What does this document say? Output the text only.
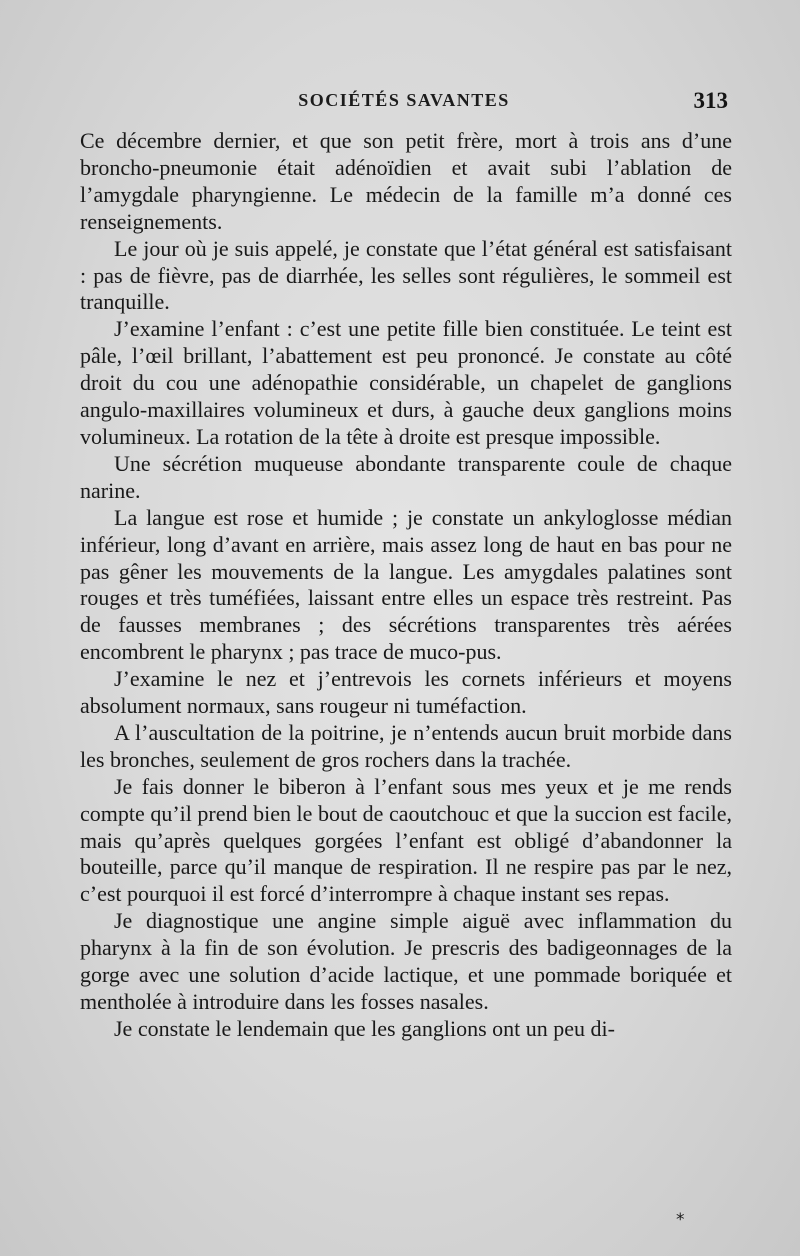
SOCIÉTÉS SAVANTES	313

Ce décembre dernier, et que son petit frère, mort à trois ans d’une broncho-pneumonie était adénoïdien et avait subi l’ablation de l’amygdale pharyngienne. Le médecin de la famille m’a donné ces renseignements.

Le jour où je suis appelé, je constate que l’état général est satisfaisant : pas de fièvre, pas de diarrhée, les selles sont régulières, le sommeil est tranquille.

J’examine l’enfant : c’est une petite fille bien constituée. Le teint est pâle, l’œil brillant, l’abattement est peu prononcé. Je constate au côté droit du cou une adénopathie considérable, un chapelet de ganglions angulo-maxillaires volumineux et durs, à gauche deux ganglions moins volumineux. La rotation de la tête à droite est presque impossible.

Une sécrétion muqueuse abondante transparente coule de chaque narine.

La langue est rose et humide ; je constate un ankyloglosse médian inférieur, long d’avant en arrière, mais assez long de haut en bas pour ne pas gêner les mouvements de la langue. Les amygdales palatines sont rouges et très tuméfiées, laissant entre elles un espace très restreint. Pas de fausses membranes ; des sécrétions transparentes très aérées encombrent le pharynx ; pas trace de muco-pus.

J’examine le nez et j’entrevois les cornets inférieurs et moyens absolument normaux, sans rougeur ni tuméfaction.

A l’auscultation de la poitrine, je n’entends aucun bruit morbide dans les bronches, seulement de gros rochers dans la trachée.

Je fais donner le biberon à l’enfant sous mes yeux et je me rends compte qu’il prend bien le bout de caoutchouc et que la succion est facile, mais qu’après quelques gorgées l’enfant est obligé d’abandonner la bouteille, parce qu’il manque de respiration. Il ne respire pas par le nez, c’est pourquoi il est forcé d’interrompre à chaque instant ses repas.

Je diagnostique une angine simple aiguë avec inflammation du pharynx à la fin de son évolution. Je prescris des badigeonnages de la gorge avec une solution d’acide lactique, et une pommade boriquée et mentholée à introduire dans les fosses nasales.

Je constate le lendemain que les ganglions ont un peu di-

*
